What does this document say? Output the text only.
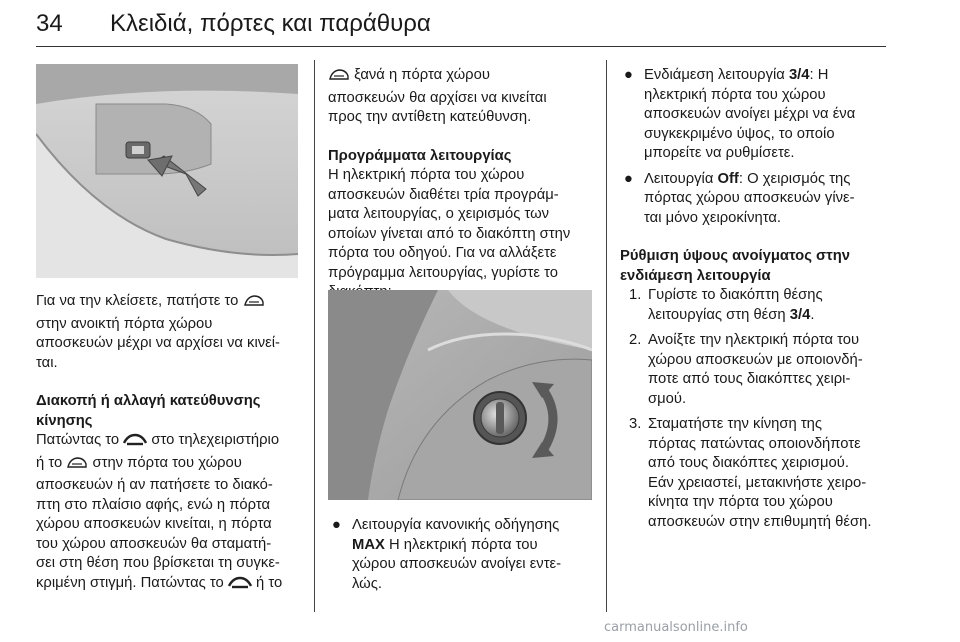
34 Κλειδιά, πόρτες και παράθυρα

Για να την κλείσετε, πατήστε το
στην ανοικτή πόρτα χώρου
αποσκευών μέχρι να αρχίσει να κινεί-
ται.

Διακοπή ή αλλαγή κατεύθυνσης
κίνησης

Πατώντας το στο τηλεχειριστήριο
ή το στην πόρτα του χώρου
αποσκευών ή αν πατήσετε το διακό-
πτη στο πλαίσιο αφής, ενώ η πόρτα
χώρου αποσκευών κινείται, η πόρτα
του χώρου αποσκευών θα σταματή-
σει στη θέση που βρίσκεται τη συγκε-
κριμένη στιγμή. Πατώντας το ή το

ξανά η πόρτα χώρου
αποσκευών θα αρχίσει να κινείται
προς την αντίθετη κατεύθυνση.

Προγράμματα λειτουργίας

Η ηλεκτρική πόρτα του χώρου
αποσκευών διαθέτει τρία προγράμ-
ματα λειτουργίας, ο χειρισμός των
οποίων γίνεται από το διακόπτη στην
πόρτα του οδηγού. Για να αλλάξετε
πρόγραμμα λειτουργίας, γυρίστε το

● Λειτουργία κανονικής οδήγησης
MAX Η ηλεκτρική πόρτα του
χώρου αποσκευών ανοίγει εντε-
λώς.
● Ενδιάμεση λειτουργία 3/4: Η
ηλεκτρική πόρτα του χώρου
αποσκευών ανοίγει μέχρι να ένα
συγκεκριμένο ύψος, το οποίο
μπορείτε να ρυθμίσετε.
● Λειτουργία Off: Ο χειρισμός της
πόρτας χώρου αποσκευών γίνε-
ται μόνο χειροκίνητα.

Ρύθμιση ύψους ανοίγματος στην
ενδιάμεση λειτουργία

1. Γυρίστε το διακόπτη θέσης
λειτουργίας στη θέση 3/4.
2. Ανοίξτε την ηλεκτρική πόρτα του
χώρου αποσκευών με οποιονδή-
ποτε από τους διακόπτες χειρι-
σμού.
3. Σταματήστε την κίνηση της
πόρτας πατώντας οποιονδήποτε
από τους διακόπτες χειρισμού.
Εάν χρειαστεί, μετακινήστε χειρο-
κίνητα την πόρτα του χώρου
αποσκευών στην επιθυμητή θέση.
carmanualsonline.info
